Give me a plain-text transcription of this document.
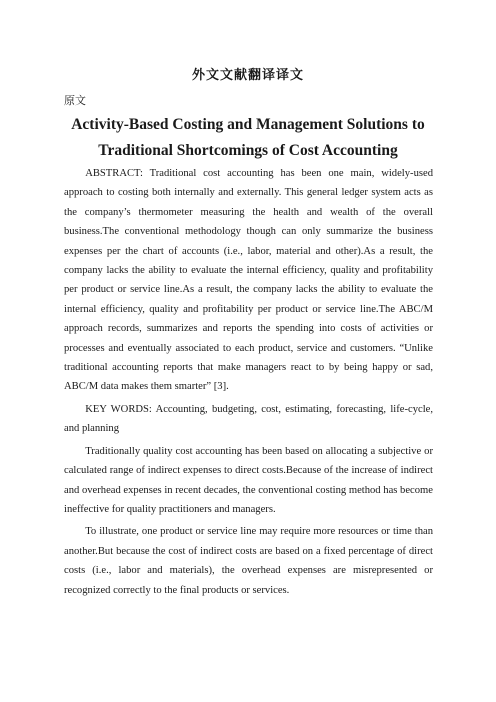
外文文献翻译译文

原文

Activity-Based Costing and Management Solutions to Traditional Shortcomings of Cost Accounting

ABSTRACT: Traditional cost accounting has been one main, widely-used approach to costing both internally and externally. This general ledger system acts as the company’s thermometer measuring the health and wealth of the overall business.The conventional methodology though can only summarize the business expenses per the chart of accounts (i.e., labor, material and other).As a result, the company lacks the ability to evaluate the internal efficiency, quality and profitability per product or service line.As a result, the company lacks the ability to evaluate the internal efficiency, quality and profitability per product or service line.The ABC/M approach records, summarizes and reports the spending into costs of activities or processes and eventually associated to each product, service and customers. “Unlike traditional accounting reports that make managers react to by being happy or sad, ABC/M data makes them smarter” [3].

KEY WORDS: Accounting, budgeting, cost, estimating, forecasting, life-cycle, and planning

Traditionally quality cost accounting has been based on allocating a subjective or calculated range of indirect expenses to direct costs.Because of the increase of indirect and overhead expenses in recent decades, the conventional costing method has become ineffective for quality practitioners and managers.

To illustrate, one product or service line may require more resources or time than another.But because the cost of indirect costs are based on a fixed percentage of direct costs (i.e., labor and materials), the overhead expenses are misrepresented or recognized correctly to the final products or services.
